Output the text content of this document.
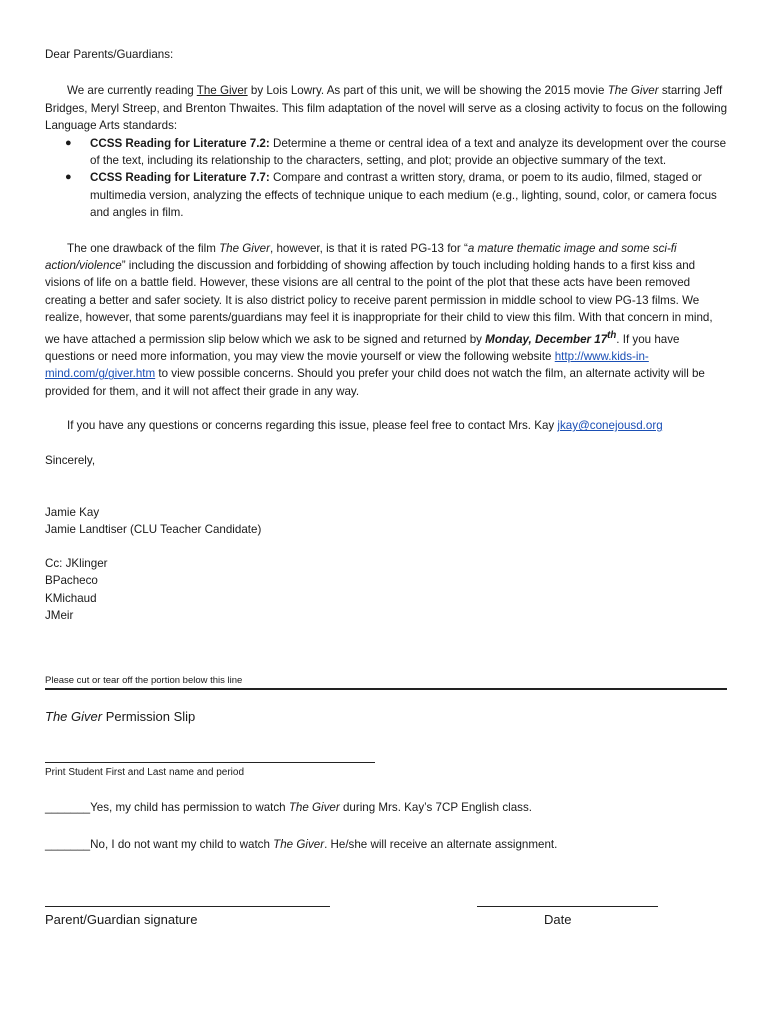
Dear Parents/Guardians:

We are currently reading The Giver by Lois Lowry. As part of this unit, we will be showing the 2015 movie The Giver starring Jeff Bridges, Meryl Streep, and Brenton Thwaites. This film adaptation of the novel will serve as a closing activity to focus on the following Language Arts standards:

● CCSS Reading for Literature 7.2: Determine a theme or central idea of a text and analyze its development over the course of the text, including its relationship to the characters, setting, and plot; provide an objective summary of the text.
● CCSS Reading for Literature 7.7: Compare and contrast a written story, drama, or poem to its audio, filmed, staged or multimedia version, analyzing the effects of technique unique to each medium (e.g., lighting, sound, color, or camera focus and angles in film.

The one drawback of the film The Giver, however, is that it is rated PG-13 for “a mature thematic image and some sci-fi action/violence” including the discussion and forbidding of showing affection by touch including holding hands to a first kiss and visions of life on a battle field. However, these visions are all central to the point of the plot that these acts have been removed creating a better and safer society. It is also district policy to receive parent permission in middle school to view PG-13 films. We realize, however, that some parents/guardians may feel it is inappropriate for their child to view this film. With that concern in mind, we have attached a permission slip below which we ask to be signed and returned by Monday, December 17th. If you have questions or need more information, you may view the movie yourself or view the following website http://www.kids-in-mind.com/g/giver.htm to view possible concerns. Should you prefer your child does not watch the film, an alternate activity will be provided for them, and it will not affect their grade in any way.

If you have any questions or concerns regarding this issue, please feel free to contact Mrs. Kay jkay@conejousd.org

Sincerely,

Jamie Kay

Jamie Landtiser (CLU Teacher Candidate)

Cc: JKlinger

BPacheco

KMichaud

JMeir

Please cut or tear off the portion below this line
The Giver Permission Slip
Print Student First and Last name and period
_______Yes, my child has permission to watch The Giver during Mrs. Kay’s 7CP English class.
_______No, I do not want my child to watch The Giver. He/she will receive an alternate assignment.
Parent/Guardian signature	Date
